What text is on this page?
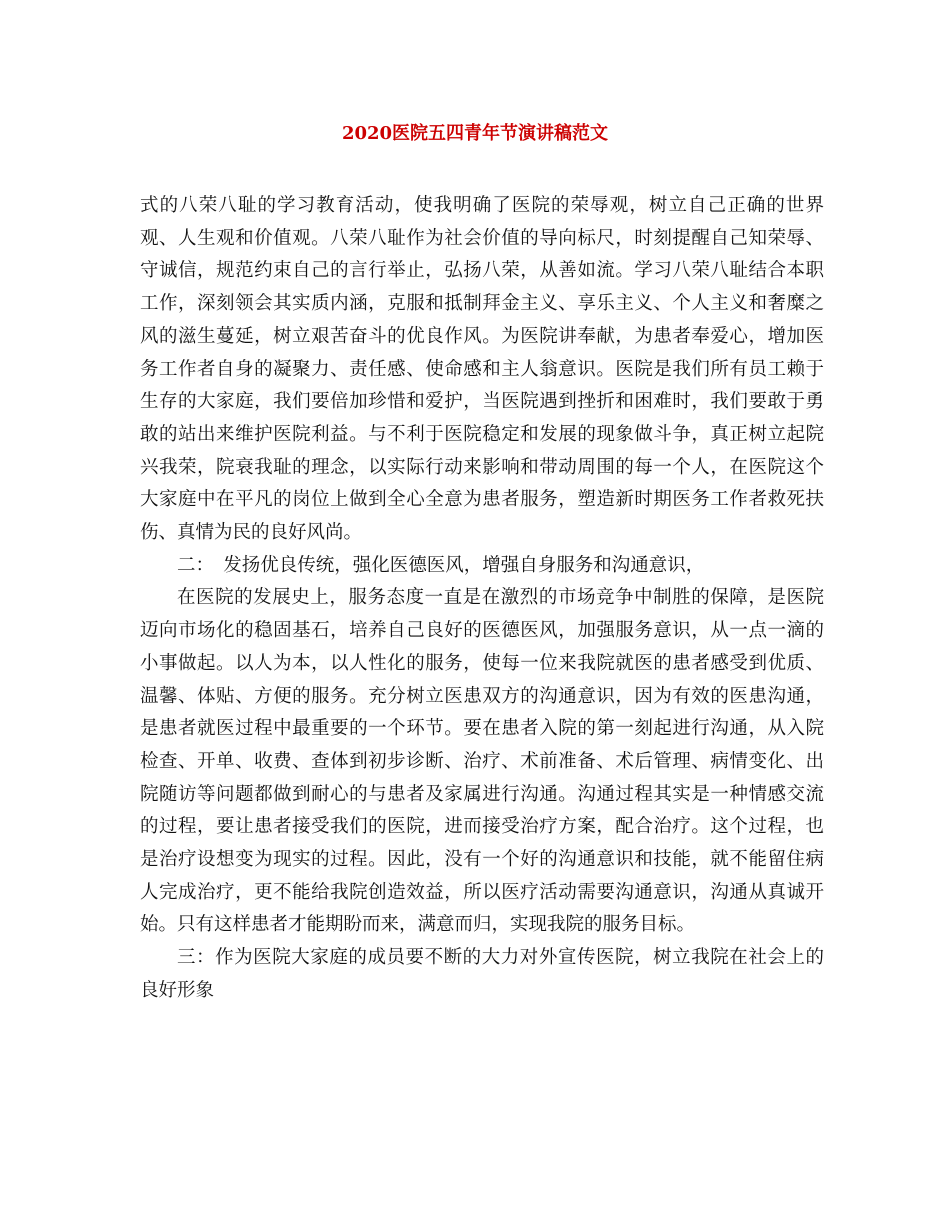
2020医院五四青年节演讲稿范文

式的八荣八耻的学习教育活动，使我明确了医院的荣辱观，树立自己正确的世界观、人生观和价值观。八荣八耻作为社会价值的导向标尺，时刻提醒自己知荣辱、守诚信，规范约束自己的言行举止，弘扬八荣，从善如流。学习八荣八耻结合本职工作，深刻领会其实质内涵，克服和抵制拜金主义、享乐主义、个人主义和奢糜之风的滋生蔓延，树立艰苦奋斗的优良作风。为医院讲奉献，为患者奉爱心，增加医务工作者自身的凝聚力、责任感、使命感和主人翁意识。医院是我们所有员工赖于生存的大家庭，我们要倍加珍惜和爱护，当医院遇到挫折和困难时，我们要敢于勇敢的站出来维护医院利益。与不利于医院稳定和发展的现象做斗争，真正树立起院兴我荣，院衰我耻的理念，以实际行动来影响和带动周围的每一个人，在医院这个大家庭中在平凡的岗位上做到全心全意为患者服务，塑造新时期医务工作者救死扶伤、真情为民的良好风尚。

二：　发扬优良传统，强化医德医风，增强自身服务和沟通意识，

在医院的发展史上，服务态度一直是在激烈的市场竞争中制胜的保障，是医院迈向市场化的稳固基石，培养自己良好的医德医风，加强服务意识，从一点一滴的小事做起。以人为本，以人性化的服务，使每一位来我院就医的患者感受到优质、温馨、体贴、方便的服务。充分树立医患双方的沟通意识，因为有效的医患沟通，是患者就医过程中最重要的一个环节。要在患者入院的第一刻起进行沟通，从入院检查、开单、收费、查体到初步诊断、治疗、术前准备、术后管理、病情变化、出院随访等问题都做到耐心的与患者及家属进行沟通。沟通过程其实是一种情感交流的过程，要让患者接受我们的医院，进而接受治疗方案，配合治疗。这个过程，也是治疗设想变为现实的过程。因此，没有一个好的沟通意识和技能，就不能留住病人完成治疗，更不能给我院创造效益，所以医疗活动需要沟通意识，沟通从真诚开始。只有这样患者才能期盼而来，满意而归，实现我院的服务目标。

三：作为医院大家庭的成员要不断的大力对外宣传医院，树立我院在社会上的良好形象
